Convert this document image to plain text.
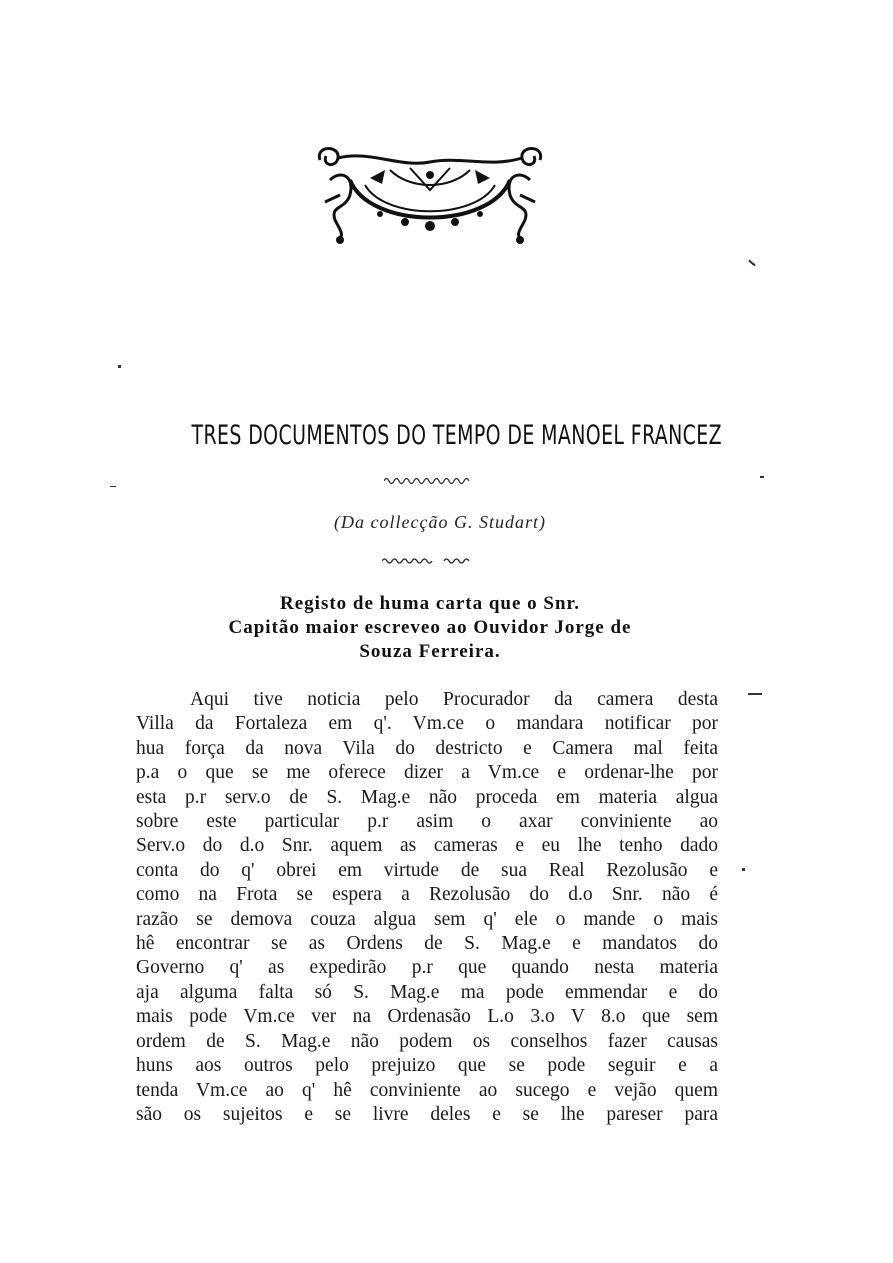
TRES DOCUMENTOS DO TEMPO DE MANOEL FRANCEZ
(Da collecção G. Studart)
Registo de huma carta que o Snr.
Capitão maior escreveo ao Ouvidor Jorge de
Souza Ferreira.
Aqui tive noticia pelo Procurador da camera desta
Villa da Fortaleza em q'. Vm.ce o mandara notificar por
hua força da nova Vila do destricto e Camera mal feita
p.a o que se me oferece dizer a Vm.ce e ordenar-lhe por
esta p.r serv.o de S. Mag.e não proceda em materia algua
sobre este particular p.r asim o axar conviniente ao
Serv.o do d.o Snr. aquem as cameras e eu lhe tenho dado
conta do q' obrei em virtude de sua Real Rezolusão e
como na Frota se espera a Rezolusão do d.o Snr. não é
razão se demova couza algua sem q' ele o mande o mais
hê encontrar se as Ordens de S. Mag.e e mandatos do
Governo q' as expedirão p.r que quando nesta materia
aja alguma falta só S. Mag.e ma pode emmendar e do
mais pode Vm.ce ver na Ordenasão L.o 3.o V 8.o que sem
ordem de S. Mag.e não podem os conselhos fazer causas
huns aos outros pelo prejuizo que se pode seguir e a
tenda Vm.ce ao q' hê conviniente ao sucego e vejão quem
são os sujeitos e se livre deles e se lhe pareser para
